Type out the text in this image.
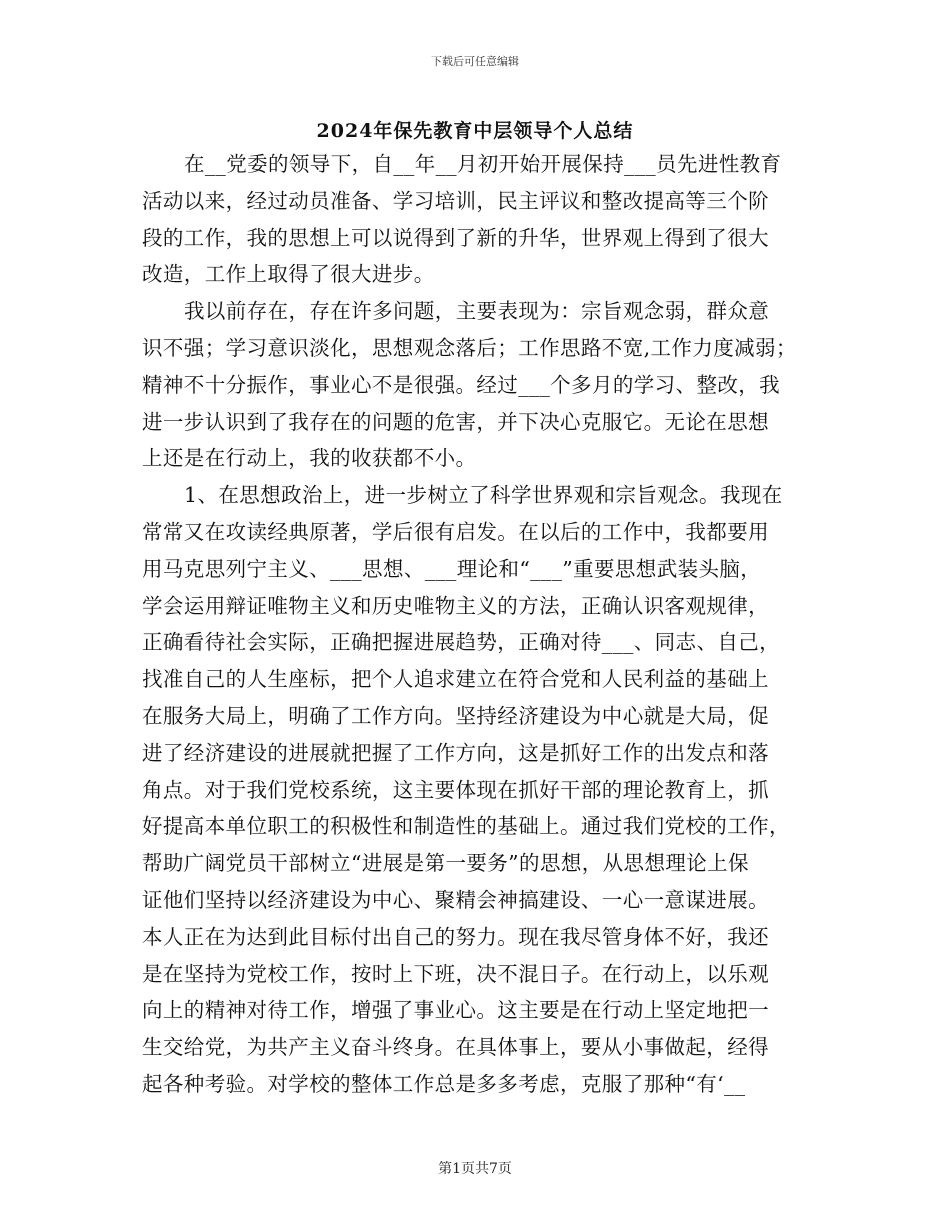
下载后可任意编辑
2024年保先教育中层领导个人总结
在__党委的领导下，自__年__月初开始开展保持___员先进性教育
活动以来，经过动员准备、学习培训，民主评议和整改提高等三个阶
段的工作，我的思想上可以说得到了新的升华，世界观上得到了很大
改造，工作上取得了很大进步。
我以前存在，存在许多问题，主要表现为：宗旨观念弱，群众意
识不强；学习意识淡化，思想观念落后；工作思路不宽,工作力度减弱；
精神不十分振作，事业心不是很强。经过___个多月的学习、整改，我
进一步认识到了我存在的问题的危害，并下决心克服它。无论在思想
上还是在行动上，我的收获都不小。
1、在思想政治上，进一步树立了科学世界观和宗旨观念。我现在
常常又在攻读经典原著，学后很有启发。在以后的工作中，我都要用
用马克思列宁主义、___思想、___理论和“___”重要思想武装头脑，
学会运用辩证唯物主义和历史唯物主义的方法，正确认识客观规律，
正确看待社会实际，正确把握进展趋势，正确对待___、同志、自己，
找准自己的人生座标，把个人追求建立在符合党和人民利益的基础上
在服务大局上，明确了工作方向。坚持经济建设为中心就是大局，促
进了经济建设的进展就把握了工作方向，这是抓好工作的出发点和落
角点。对于我们党校系统，这主要体现在抓好干部的理论教育上，抓
好提高本单位职工的积极性和制造性的基础上。通过我们党校的工作，
帮助广阔党员干部树立“进展是第一要务”的思想，从思想理论上保
证他们坚持以经济建设为中心、聚精会神搞建设、一心一意谋进展。
本人正在为达到此目标付出自己的努力。现在我尽管身体不好，我还
是在坚持为党校工作，按时上下班，决不混日子。在行动上，以乐观
向上的精神对待工作，增强了事业心。这主要是在行动上坚定地把一
生交给党，为共产主义奋斗终身。在具体事上，要从小事做起，经得
起各种考验。对学校的整体工作总是多多考虑，克服了那种“有‘__
第1页共7页
